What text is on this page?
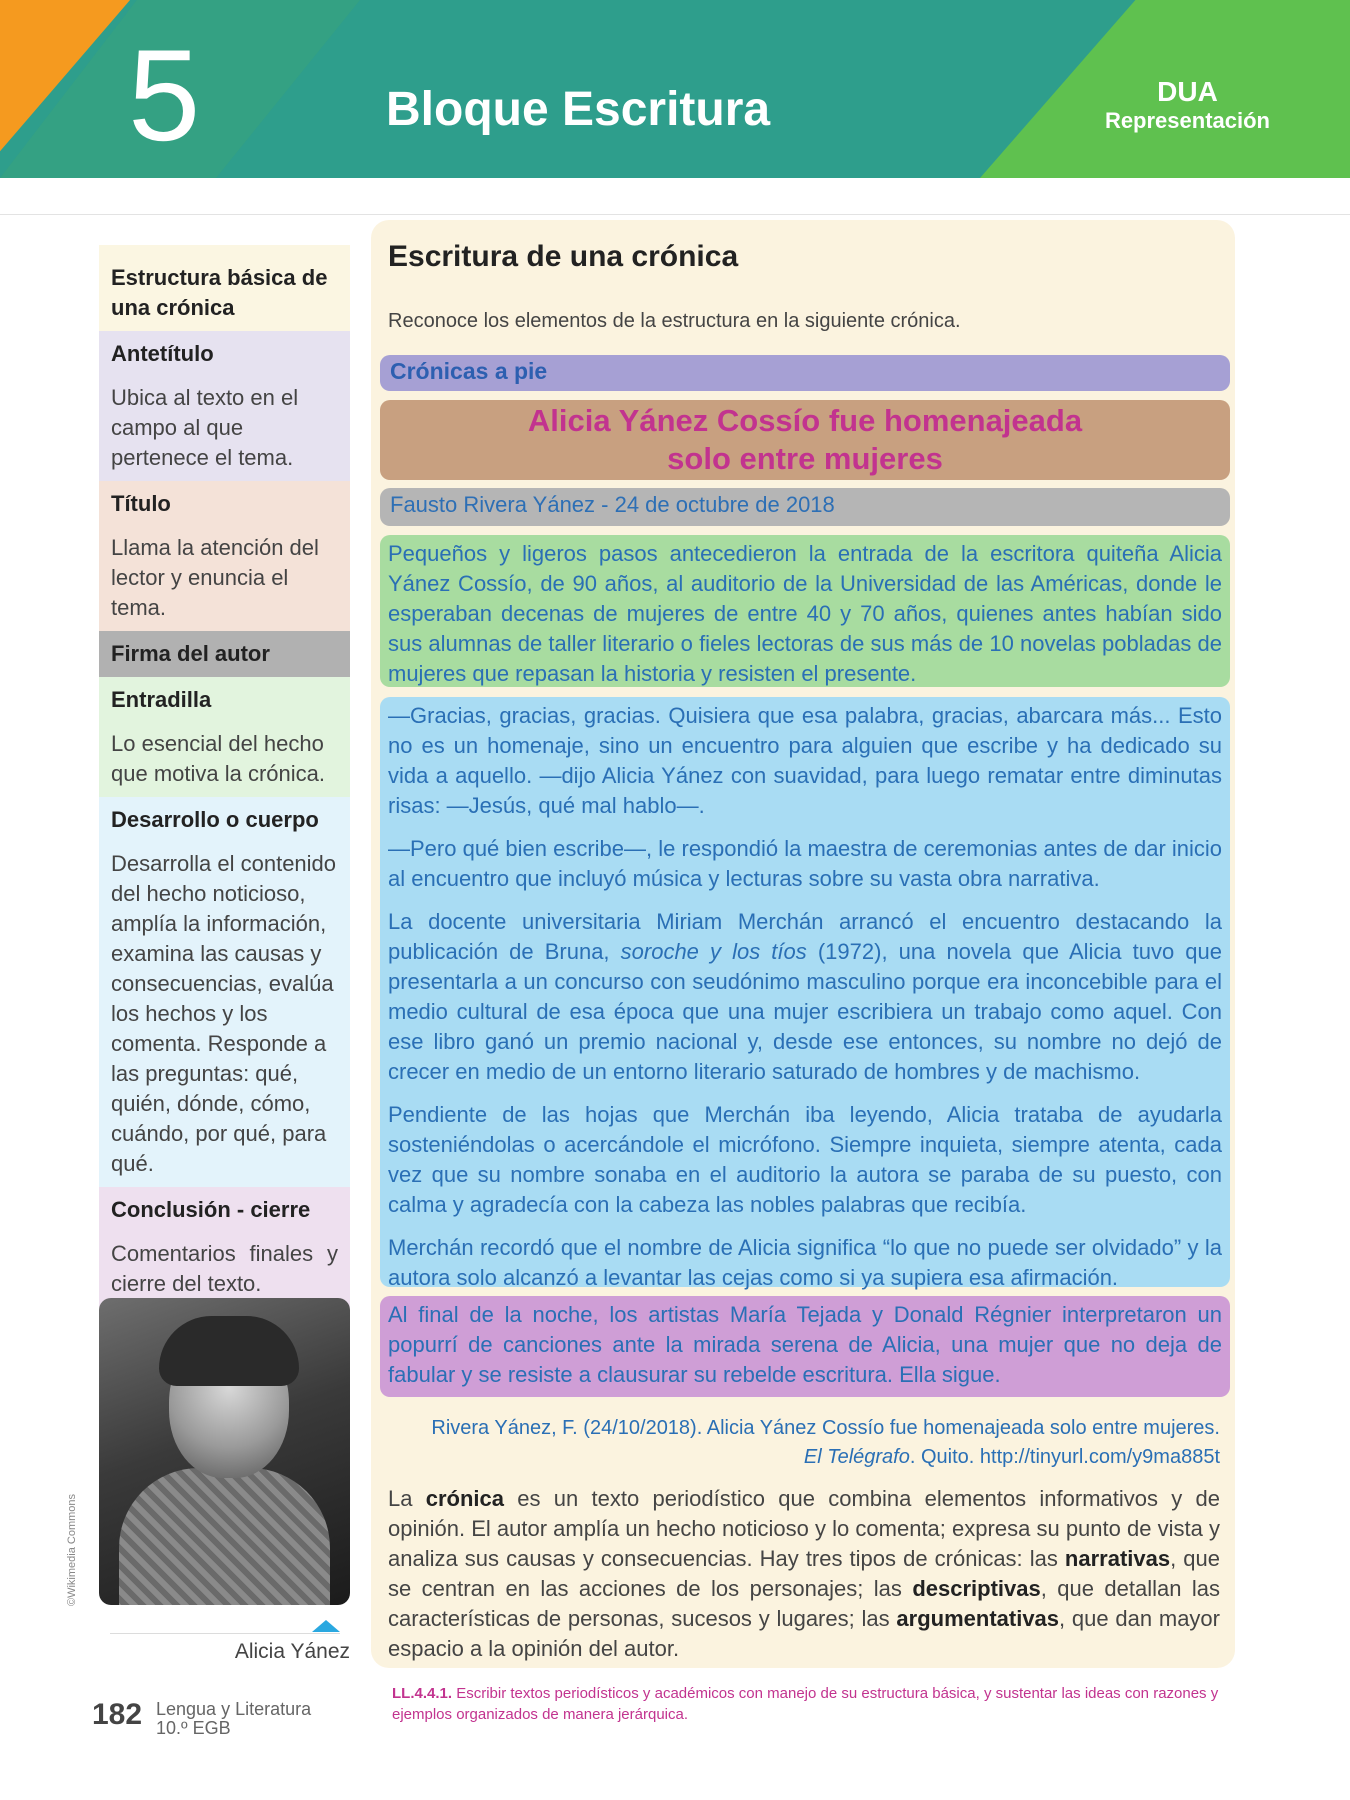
5	Bloque Escritura	DUA
Representación
Estructura básica de una crónica
Antetítulo
Ubica al texto en el campo al que pertenece el tema.
Título
Llama la atención del lector y enuncia el tema.
Firma del autor
Entradilla
Lo esencial del hecho que motiva la crónica.
Desarrollo o cuerpo
Desarrolla el contenido del hecho noticioso, amplía la información, examina las causas y consecuencias, evalúa los hechos y los comenta. Responde a las preguntas: qué, quién, dónde, cómo, cuándo, por qué, para qué.
Conclusión - cierre
Comentarios finales y cierre del texto.
©Wikimedia Commons
Alicia Yánez
Escritura de una crónica
Reconoce los elementos de la estructura en la siguiente crónica.
Crónicas a pie
Alicia Yánez Cossío fue homenajeada
solo entre mujeres
Fausto Rivera Yánez - 24 de octubre de 2018
Pequeños y ligeros pasos antecedieron la entrada de la escritora quiteña Alicia Yánez Cossío, de 90 años, al auditorio de la Universidad de las Américas, donde le esperaban decenas de mujeres de entre 40 y 70 años, quienes antes habían sido sus alumnas de taller literario o fieles lectoras de sus más de 10 novelas pobladas de mujeres que repasan la historia y resisten el presente.

—Gracias, gracias, gracias. Quisiera que esa palabra, gracias, abarcara más... Esto no es un homenaje, sino un encuentro para alguien que escribe y ha dedicado su vida a aquello. —dijo Alicia Yánez con suavidad, para luego rematar entre diminutas risas: —Jesús, qué mal hablo—.

—Pero qué bien escribe—, le respondió la maestra de ceremonias antes de dar inicio al encuentro que incluyó música y lecturas sobre su vasta obra narrativa.

La docente universitaria Miriam Merchán arrancó el encuentro destacando la publicación de Bruna, soroche y los tíos (1972), una novela que Alicia tuvo que presentarla a un concurso con seudónimo masculino porque era inconcebible para el medio cultural de esa época que una mujer escribiera un trabajo como aquel. Con ese libro ganó un premio nacional y, desde ese entonces, su nombre no dejó de crecer en medio de un entorno literario saturado de hombres y de machismo.

Pendiente de las hojas que Merchán iba leyendo, Alicia trataba de ayudarla sosteniéndolas o acercándole el micrófono. Siempre inquieta, siempre atenta, cada vez que su nombre sonaba en el auditorio la autora se paraba de su puesto, con calma y agradecía con la cabeza las nobles palabras que recibía.

Merchán recordó que el nombre de Alicia significa “lo que no puede ser olvidado” y la autora solo alcanzó a levantar las cejas como si ya supiera esa afirmación.

Al final de la noche, los artistas María Tejada y Donald Régnier interpretaron un popurrí de canciones ante la mirada serena de Alicia, una mujer que no deja de fabular y se resiste a clausurar su rebelde escritura. Ella sigue.
Rivera Yánez, F. (24/10/2018). Alicia Yánez Cossío fue homenajeada solo entre mujeres.
El Telégrafo. Quito. http://tinyurl.com/y9ma885t
La crónica es un texto periodístico que combina elementos informativos y de opinión. El autor amplía un hecho noticioso y lo comenta; expresa su punto de vista y analiza sus causas y consecuencias. Hay tres tipos de crónicas: las narrativas, que se centran en las acciones de los personajes; las descriptivas, que detallan las características de personas, sucesos y lugares; las argumentativas, que dan mayor espacio a la opinión del autor.
182 Lengua y Literatura
10.º EGB
LL.4.4.1. Escribir textos periodísticos y académicos con manejo de su estructura básica, y sustentar las ideas con razones y ejemplos organizados de manera jerárquica.
